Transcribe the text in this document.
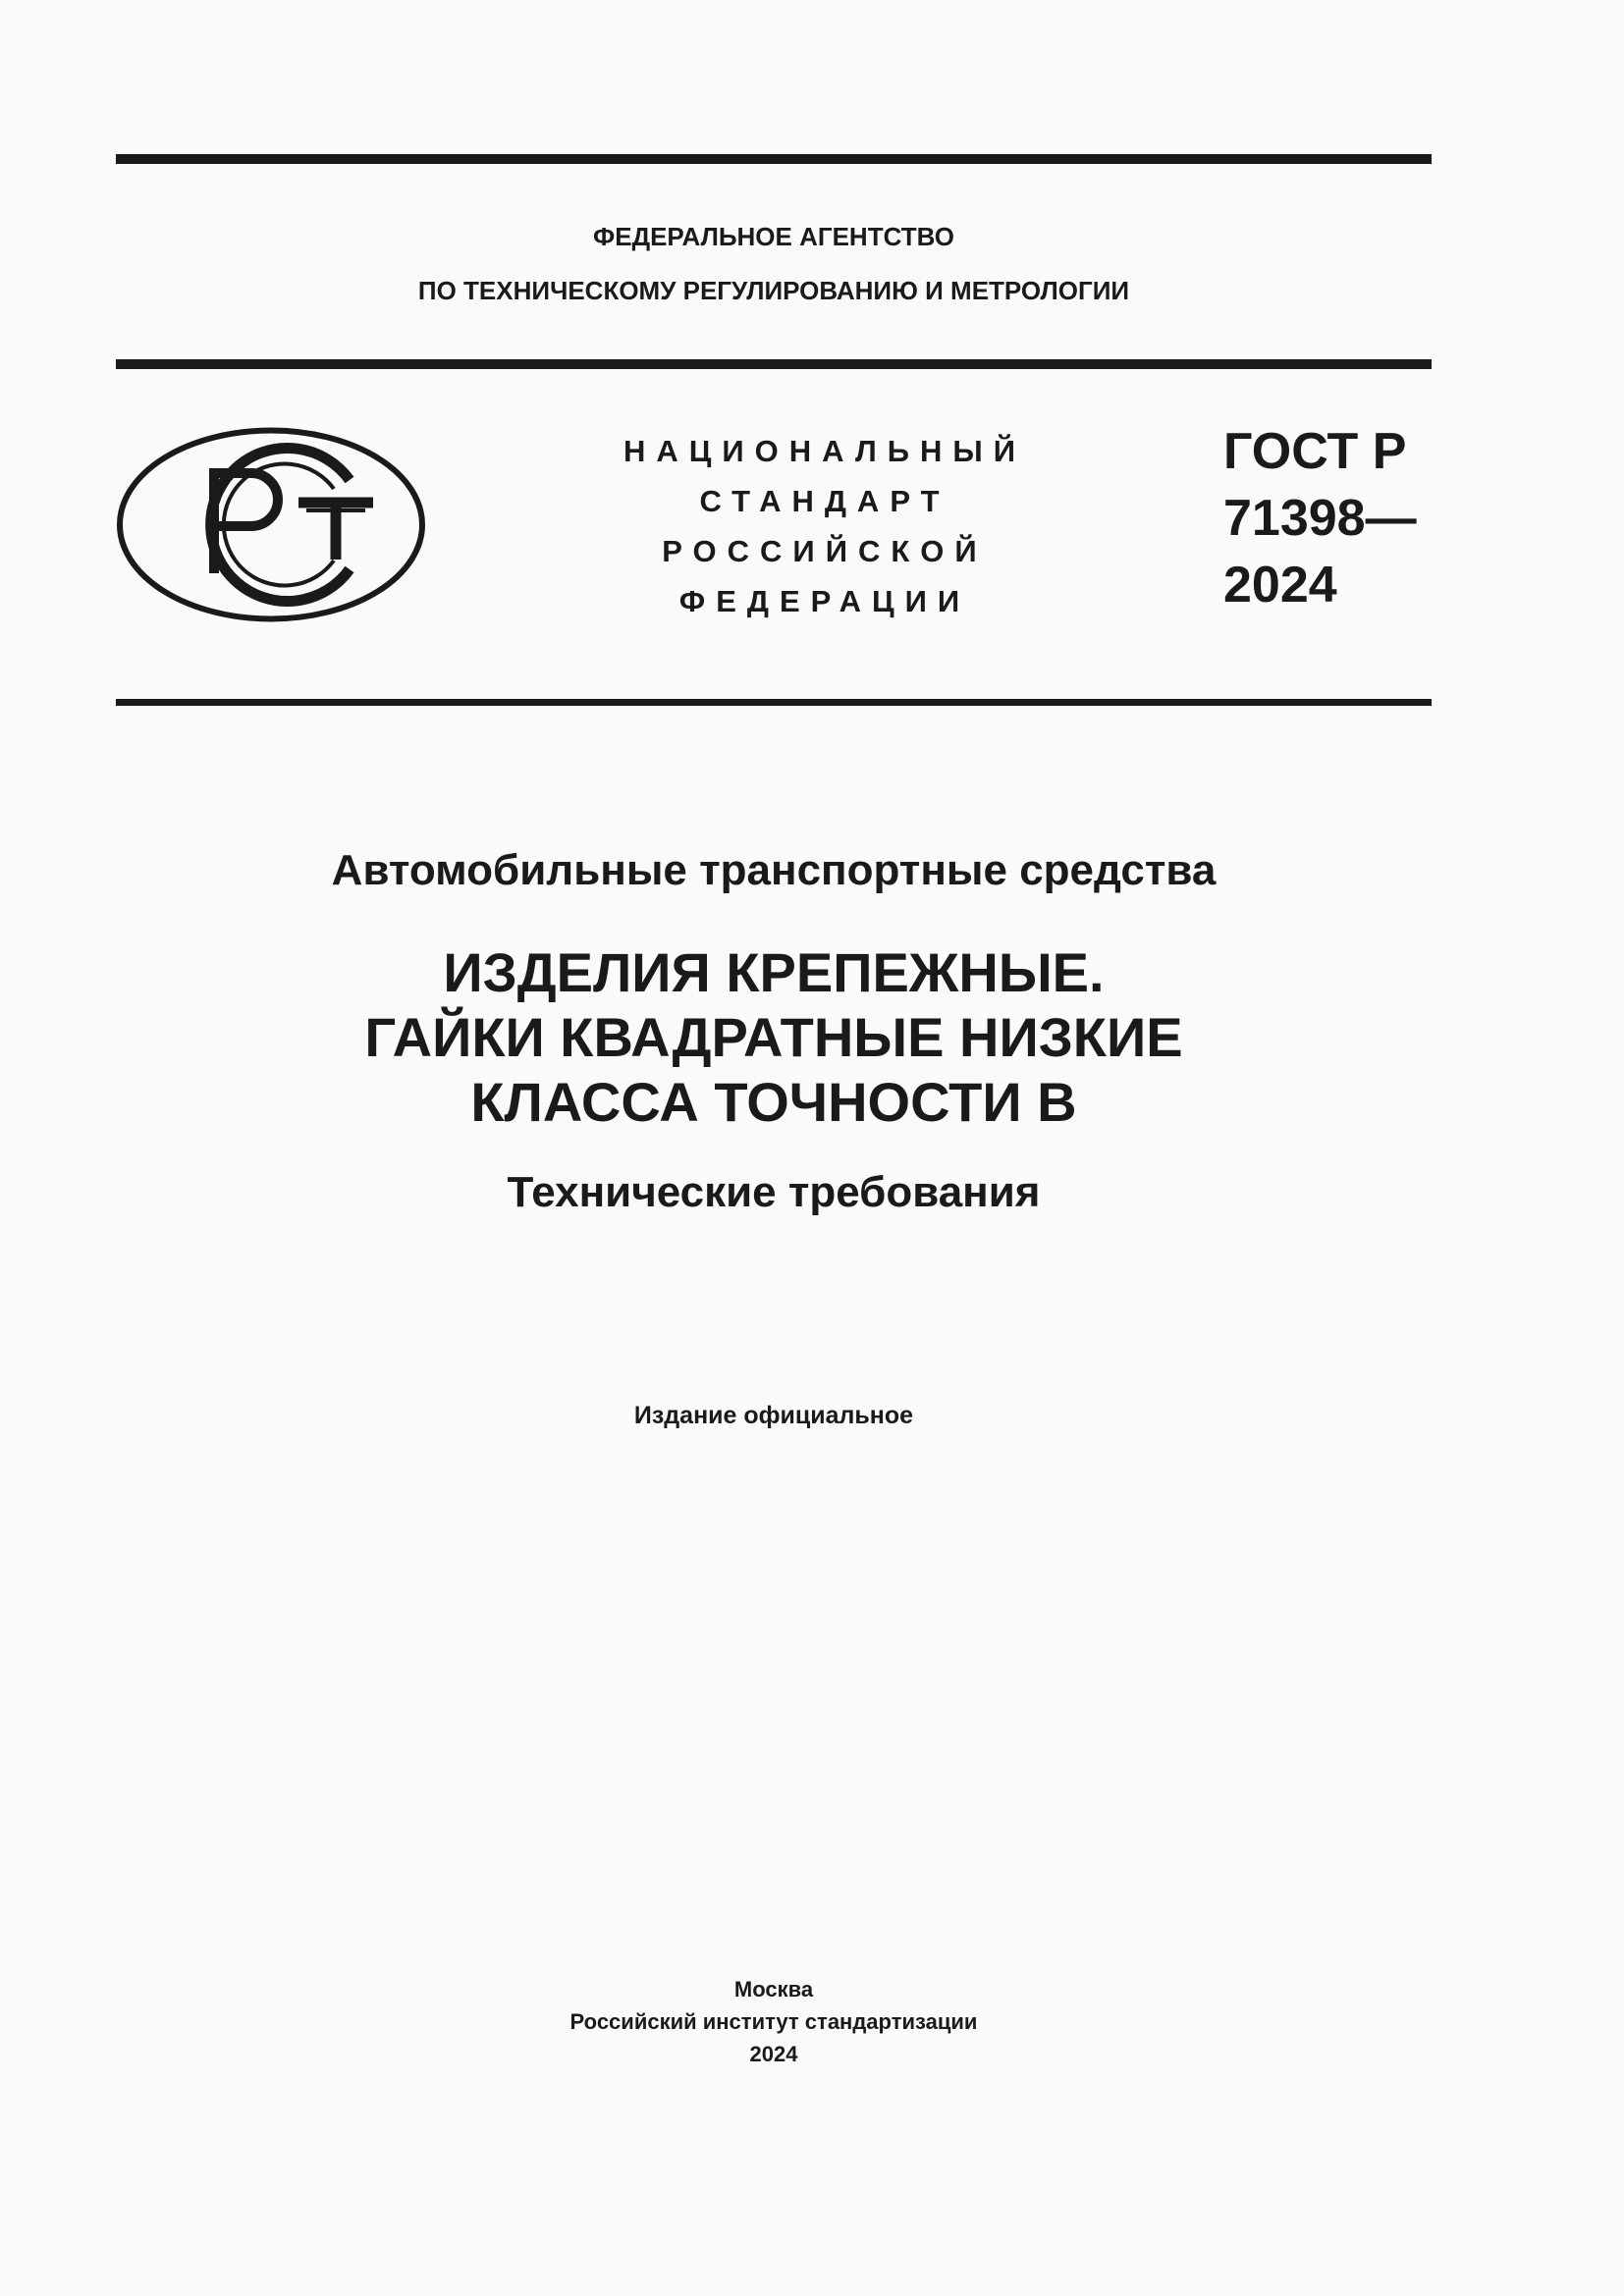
ФЕДЕРАЛЬНОЕ АГЕНТСТВО
ПО ТЕХНИЧЕСКОМУ РЕГУЛИРОВАНИЮ И МЕТРОЛОГИИ
НАЦИОНАЛЬНЫЙ
СТАНДАРТ
РОССИЙСКОЙ
ФЕДЕРАЦИИ
ГОСТ Р
71398—
2024
Автомобильные транспортные средства
ИЗДЕЛИЯ КРЕПЕЖНЫЕ.
ГАЙКИ КВАДРАТНЫЕ НИЗКИЕ
КЛАССА ТОЧНОСТИ B
Технические требования
Издание официальное
Москва
Российский институт стандартизации
2024
